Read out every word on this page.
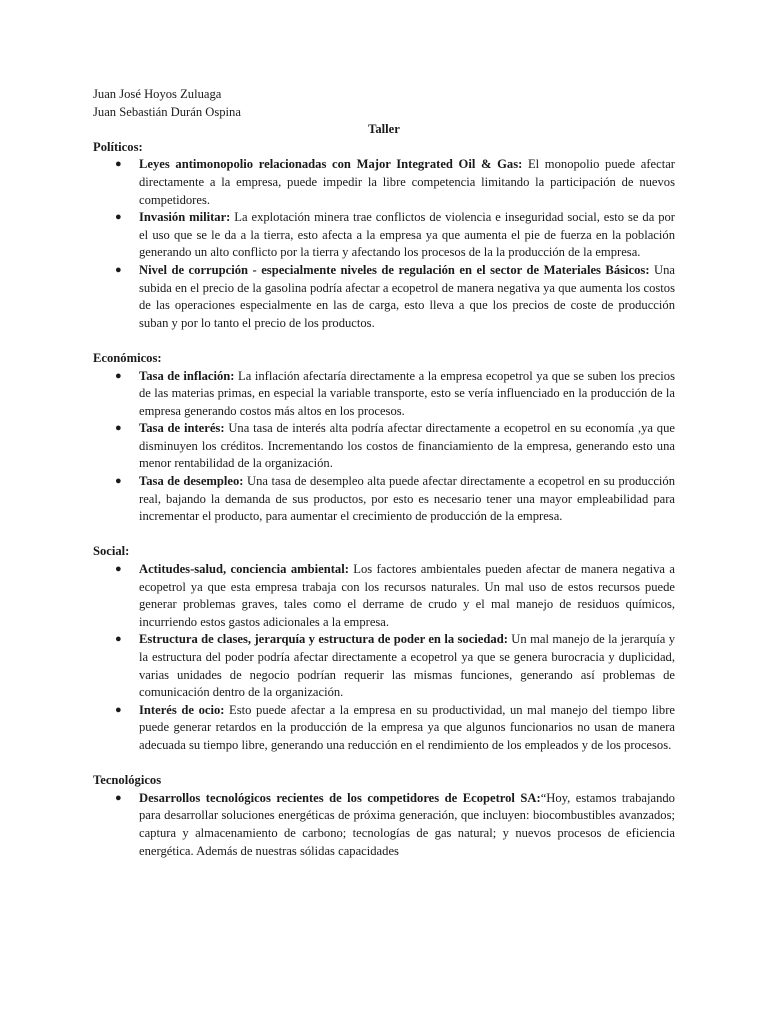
Juan José Hoyos Zuluaga
Juan Sebastián Durán Ospina
Taller
Políticos:
● Leyes antimonopolio relacionadas con Major Integrated Oil & Gas: El monopolio puede afectar directamente a la empresa, puede impedir la libre competencia limitando la participación de nuevos competidores.
● Invasión militar: La explotación minera trae conflictos de violencia e inseguridad social, esto se da por el uso que se le da a la tierra, esto afecta a la empresa ya que aumenta el pie de fuerza en la población generando un alto conflicto por la tierra y afectando los procesos de la la producción de la empresa.
● Nivel de corrupción - especialmente niveles de regulación en el sector de Materiales Básicos: Una subida en el precio de la gasolina podría afectar a ecopetrol de manera negativa ya que aumenta los costos de las operaciones especialmente en las de carga, esto lleva a que los precios de coste de producción suban y por lo tanto el precio de los productos.
Económicos:
● Tasa de inflación: La inflación afectaría directamente a la empresa ecopetrol ya que se suben los precios de las materias primas, en especial la variable transporte, esto se vería influenciado en la producción de la empresa generando costos más altos en los procesos.
● Tasa de interés: Una tasa de interés alta podría afectar directamente a ecopetrol en su economía ,ya que disminuyen los créditos. Incrementando los costos de financiamiento de la empresa, generando esto una menor rentabilidad de la organización.
● Tasa de desempleo: Una tasa de desempleo alta puede afectar directamente a ecopetrol en su producción real, bajando la demanda de sus productos, por esto es necesario tener una mayor empleabilidad para incrementar el producto, para aumentar el crecimiento de producción de la empresa.
Social:
● Actitudes-salud, conciencia ambiental: Los factores ambientales pueden afectar de manera negativa a ecopetrol ya que esta empresa trabaja con los recursos naturales. Un mal uso de estos recursos puede generar problemas graves, tales como el derrame de crudo y el mal manejo de residuos químicos, incurriendo estos gastos adicionales a la empresa.
● Estructura de clases, jerarquía y estructura de poder en la sociedad: Un mal manejo de la jerarquía y la estructura del poder podría afectar directamente a ecopetrol ya que se genera burocracia y duplicidad, varias unidades de negocio podrían requerir las mismas funciones, generando así problemas de comunicación dentro de la organización.
● Interés de ocio: Esto puede afectar a la empresa en su productividad, un mal manejo del tiempo libre puede generar retardos en la producción de la empresa ya que algunos funcionarios no usan de manera adecuada su tiempo libre, generando una reducción en el rendimiento de los empleados y de los procesos.
Tecnológicos
● Desarrollos tecnológicos recientes de los competidores de Ecopetrol SA:“Hoy, estamos trabajando para desarrollar soluciones energéticas de próxima generación, que incluyen: biocombustibles avanzados; captura y almacenamiento de carbono; tecnologías de gas natural; y nuevos procesos de eficiencia energética. Además de nuestras sólidas capacidades
